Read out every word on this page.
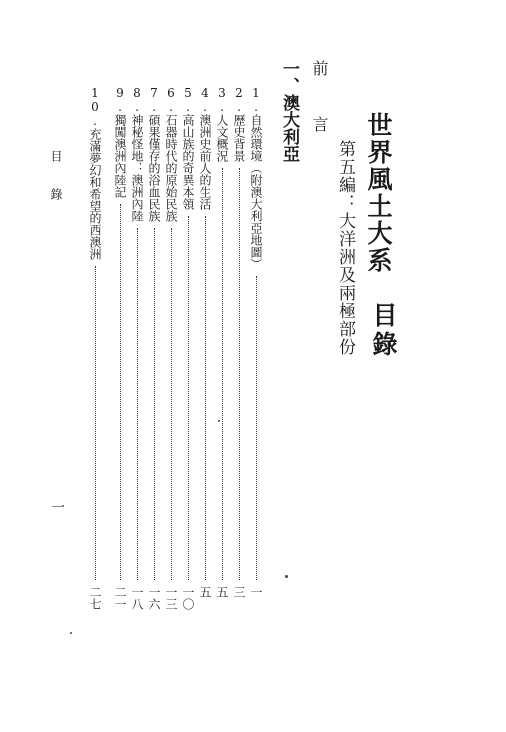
世界風土大系
目錄
第五編：大洋洲及兩極部份
前言
一、澳大利亞
1.自然環境（附澳大利亞地圖）
一
2.歷史背景
三
3.人文概況
五
4.澳洲史前人的生活
五
5.高山族的奇異本領
一〇
6.石器時代的原始民族
一三
7.碩果僅存的浴血民族
一六
8.神秘怪地：澳洲內陸
一八
9.獨闖澳洲內陸記
二一
10.充滿夢幻和希望的西澳洲
二七
目錄
一
